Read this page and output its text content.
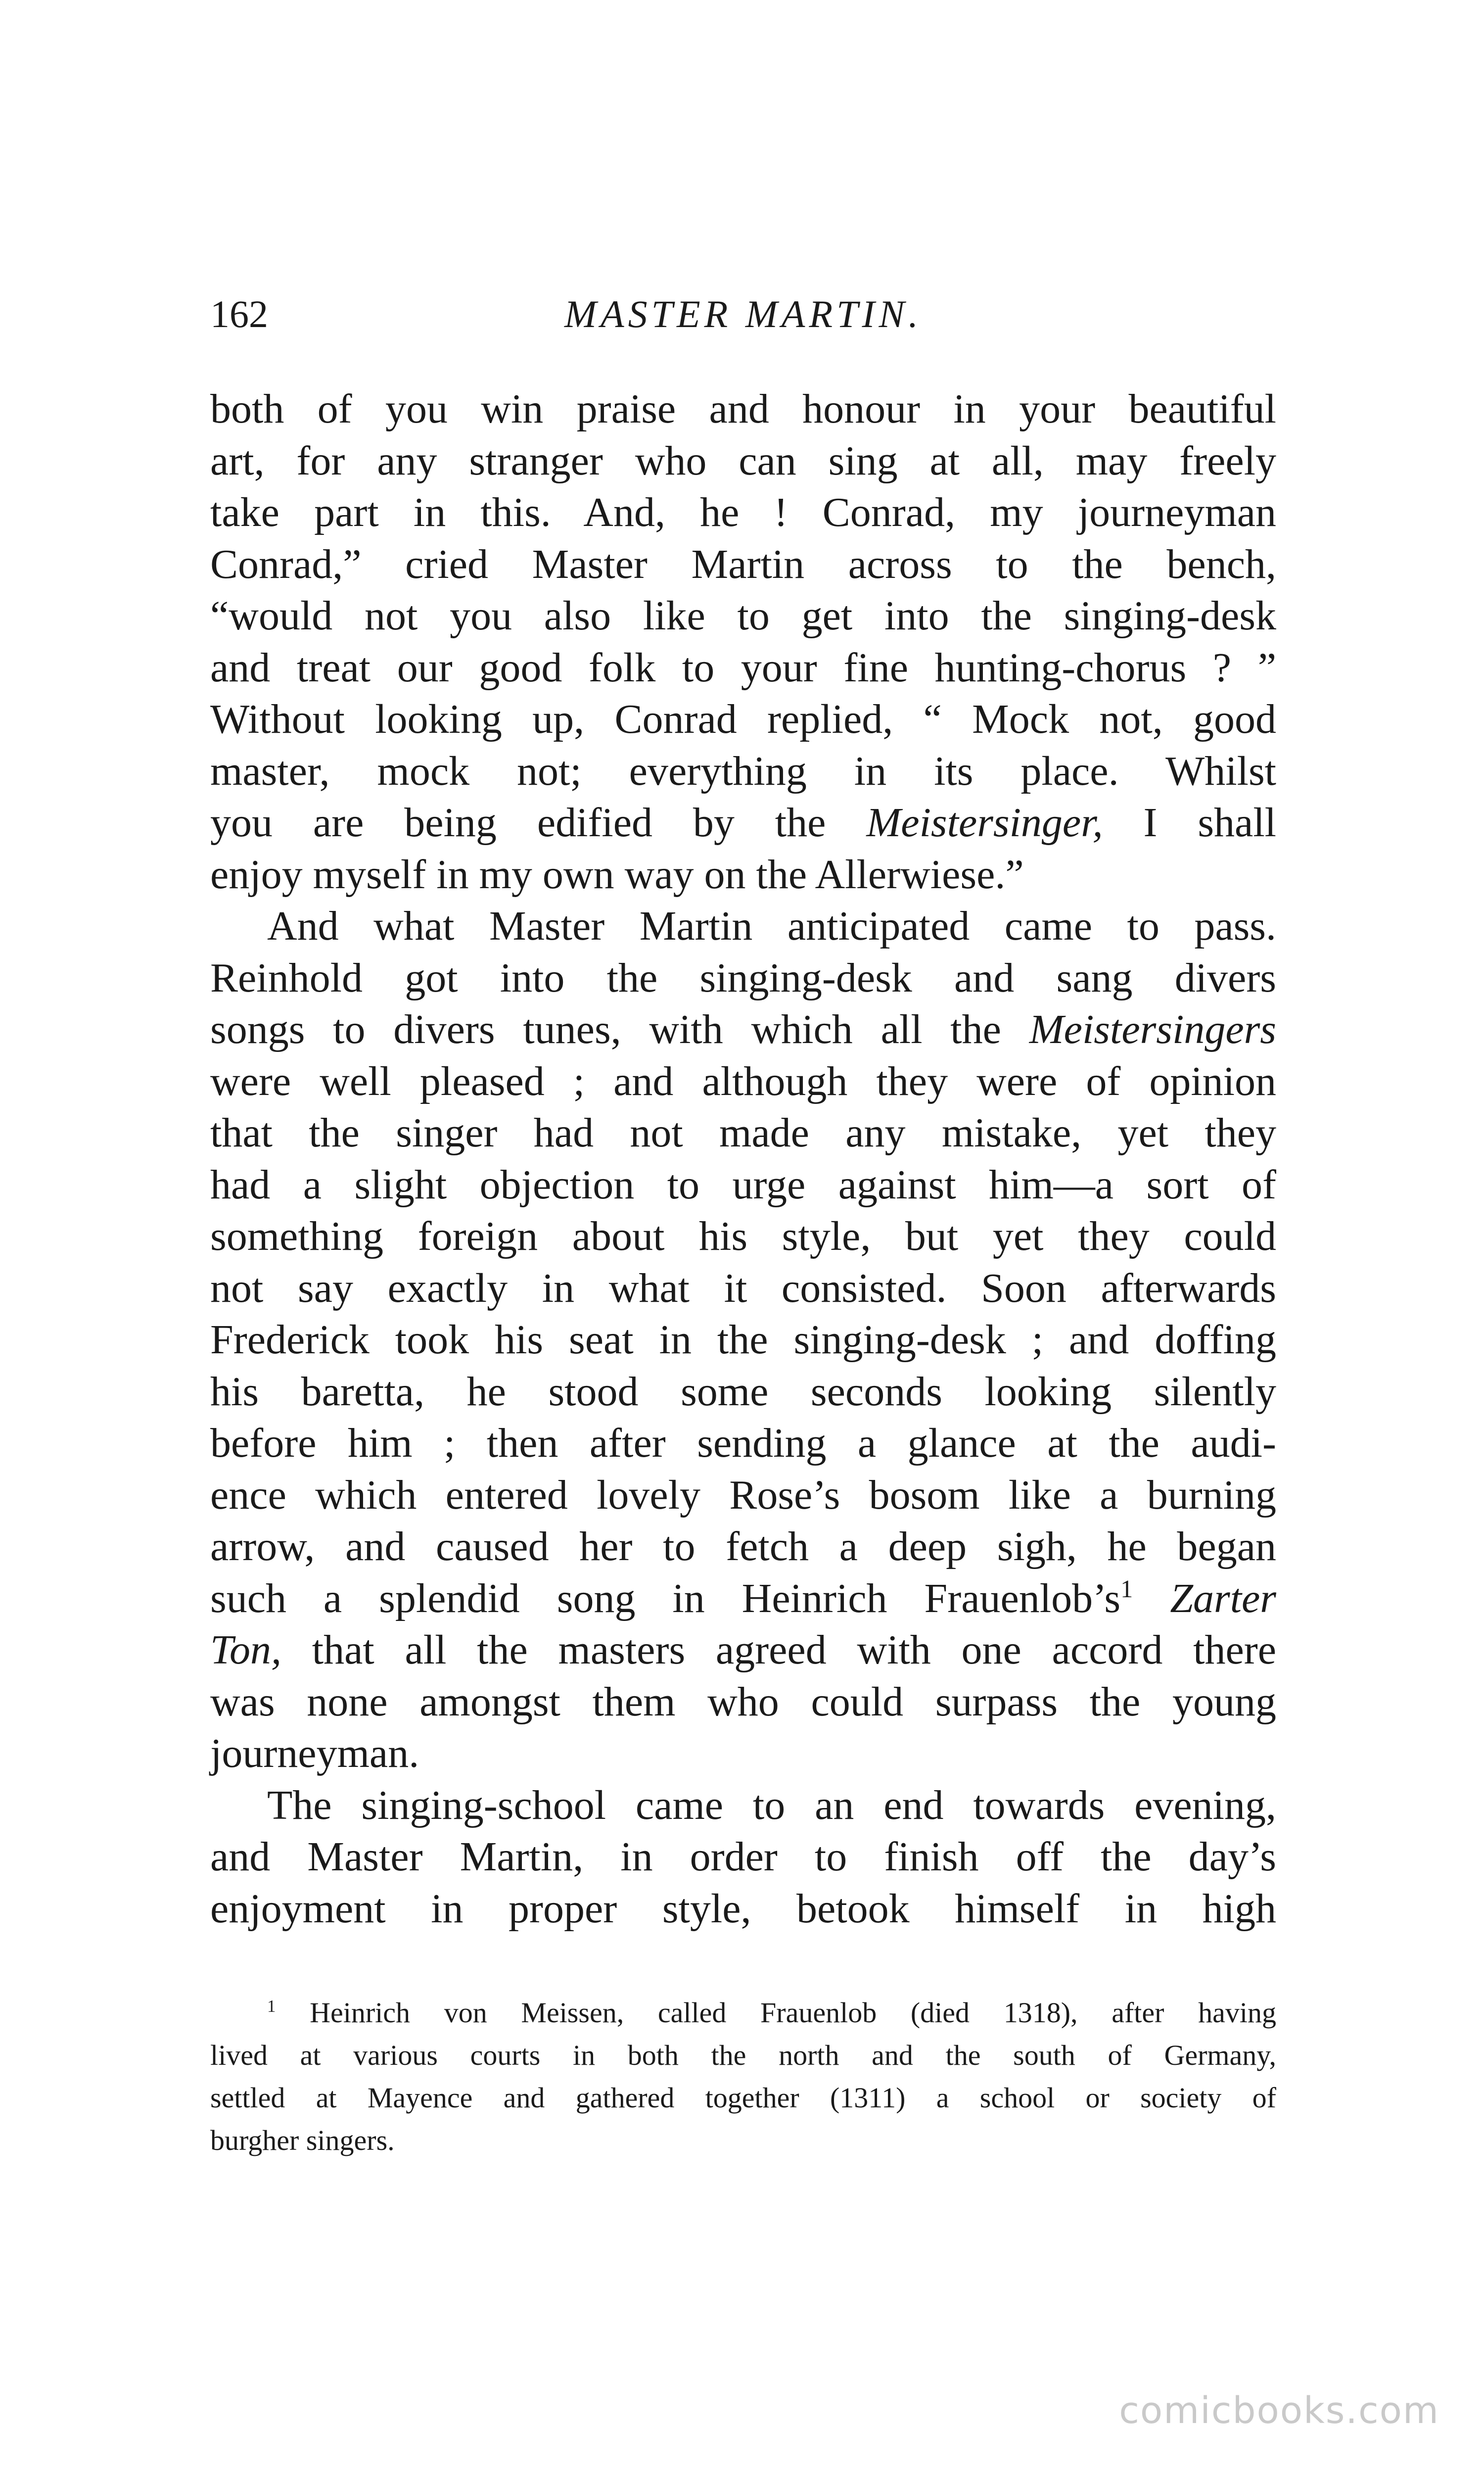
162	MASTER MARTIN.

both of you win praise and honour in your beautiful
art, for any stranger who can sing at all, may freely
take part in this. And, he ! Conrad, my journeyman
Conrad,” cried Master Martin across to the bench,
“would not you also like to get into the singing-desk
and treat our good folk to your fine hunting-chorus ? ”
Without looking up, Conrad replied, “ Mock not, good
master, mock not; everything in its place. Whilst
you are being edified by the Meistersinger, I shall
enjoy myself in my own way on the Allerwiese.”

And what Master Martin anticipated came to pass.
Reinhold got into the singing-desk and sang divers
songs to divers tunes, with which all the Meistersingers
were well pleased ; and although they were of opinion
that the singer had not made any mistake, yet they
had a slight objection to urge against him—a sort of
something foreign about his style, but yet they could
not say exactly in what it consisted. Soon afterwards
Frederick took his seat in the singing-desk ; and doffing
his baretta, he stood some seconds looking silently
before him ; then after sending a glance at the audi-
ence which entered lovely Rose’s bosom like a burning
arrow, and caused her to fetch a deep sigh, he began
such a splendid song in Heinrich $Frauenlob’s^1$ Zarter
Ton, that all the masters agreed with one accord there
was none amongst them who could surpass the young
journeyman.

The singing-school came to an end towards evening,
and Master Martin, in order to finish off the day’s
enjoyment in proper style, betook himself in high

$^1$ Heinrich von Meissen, called Frauenlob (died 1318), after having
lived at various courts in both the north and the south of Germany,
settled at Mayence and gathered together (1311) a school or society of
burgher singers.
comicbooks.com
